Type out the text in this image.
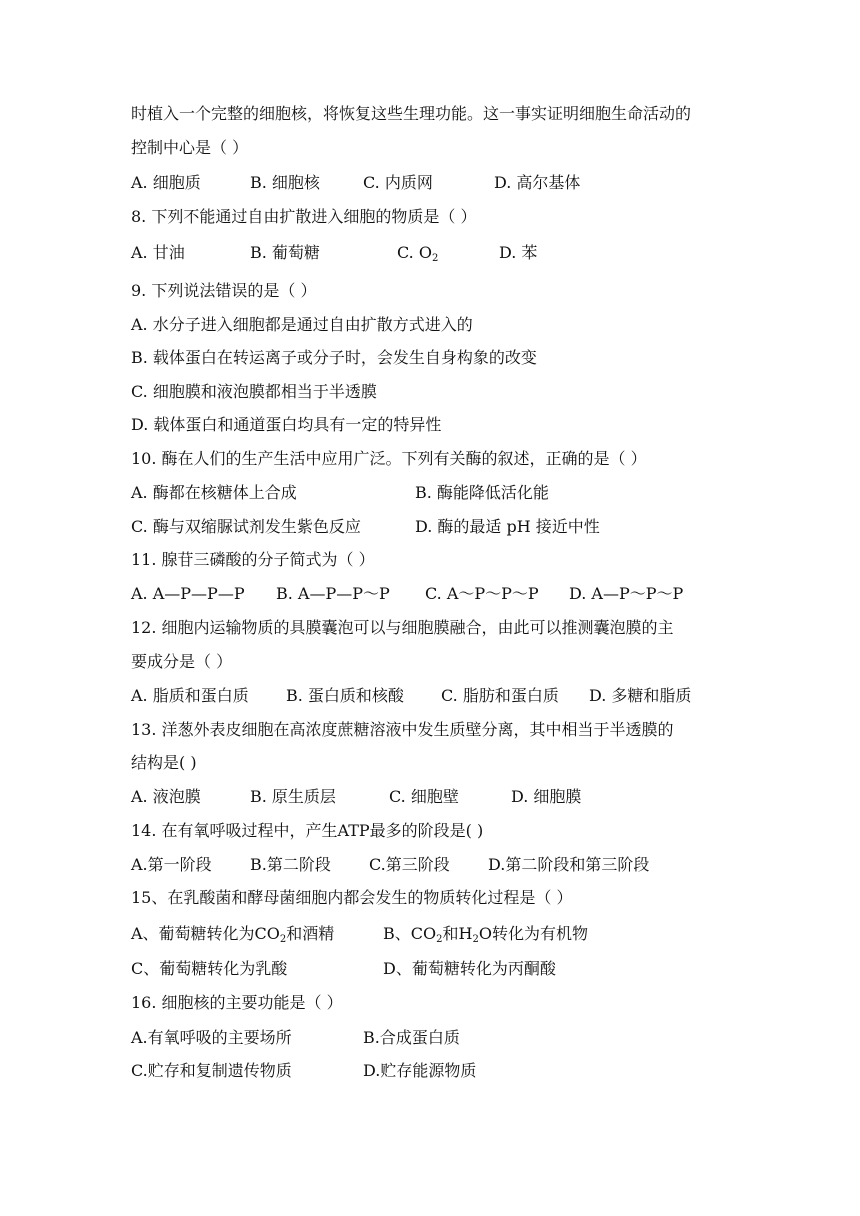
时植入一个完整的细胞核，将恢复这些生理功能。这一事实证明细胞生命活动的
控制中心是（ ）
A. 细胞质	B. 细胞核	C. 内质网	D. 高尔基体
8. 下列不能通过自由扩散进入细胞的物质是（ ）
A. 甘油	B. 葡萄糖	C. $O_2$	D. 苯
9. 下列说法错误的是（ ）
A. 水分子进入细胞都是通过自由扩散方式进入的
B. 载体蛋白在转运离子或分子时，会发生自身构象的改变
C. 细胞膜和液泡膜都相当于半透膜
D. 载体蛋白和通道蛋白均具有一定的特异性
10. 酶在人们的生产生活中应用广泛。下列有关酶的叙述，正确的是（ ）
A. 酶都在核糖体上合成	B. 酶能降低活化能
C. 酶与双缩脲试剂发生紫色反应	D. 酶的最适 pH 接近中性
11. 腺苷三磷酸的分子简式为（ ）
A. A—P—P—P B. A—P—P～P C. A～P～P～P D. A—P～P～P
12. 细胞内运输物质的具膜囊泡可以与细胞膜融合，由此可以推测囊泡膜的主
要成分是（ ）
A. 脂质和蛋白质 B. 蛋白质和核酸 C. 脂肪和蛋白质 D. 多糖和脂质
13. 洋葱外表皮细胞在高浓度蔗糖溶液中发生质壁分离，其中相当于半透膜的
结构是( )
A. 液泡膜	B. 原生质层	C. 细胞壁	D. 细胞膜
14. 在有氧呼吸过程中，产生ATP最多的阶段是( )
A.第一阶段 B.第二阶段 C.第三阶段 D.第二阶段和第三阶段
15、在乳酸菌和酵母菌细胞内都会发生的物质转化过程是（ ）
A、葡萄糖转化为$CO_2$和酒精	B、$CO_2$和$H_2O$转化为有机物
C、葡萄糖转化为乳酸	D、葡萄糖转化为丙酮酸
16. 细胞核的主要功能是（ ）
A.有氧呼吸的主要场所	B.合成蛋白质
C.贮存和复制遗传物质	D.贮存能源物质
